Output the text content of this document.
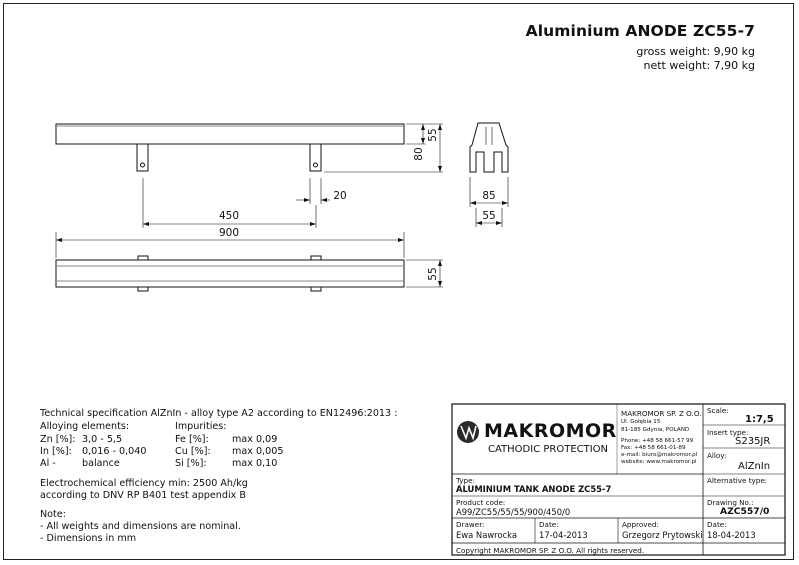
Aluminium ANODE ZC55-7
gross weight: 9,90 kg
nett weight: 7,90 kg
55
80
20
450
900
85
55
55
Technical specification AlZnIn - alloy type A2 according to EN12496:2013 :
Alloying elements:	Impurities:
Zn [%]: 3,0 - 5,5	Fe [%]: max 0,09
In [%]: 0,016 - 0,040	Cu [%]: max 0,005
Al -	balance	Si [%]:	max 0,10
Electrochemical efficiency min: 2500 Ah/kg
according to DNV RP B401 test appendix B
Note:
- All weights and dimensions are nominal.
- Dimensions in mm
MAKROMOR
CATHODIC PROTECTION
MAKROMOR SP. Z O.O.
Ul. Gołębia 15
81-185 Gdynia, POLAND
Phone: +48 58 661-57 99
Fax: +48 58 661-01-89
e-mail: biuro@makromor.pl
website: www.makromor.pl
Scale:
1:7,5
Insert type:
S235JR
Alloy:
AlZnIn
Type:
ALUMINIUM TANK ANODE ZC55-7
Alternative type:
Product code:
A99/ZC55/55/55/900/450/0
Drawing No.:
AZC557/0
Drawer:
Ewa Nawrocka
Date:
17-04-2013
Approved:
Grzegorz Prytowski
Date:
18-04-2013
Copyright MAKROMOR SP. Z O.O. All rights reserved.
